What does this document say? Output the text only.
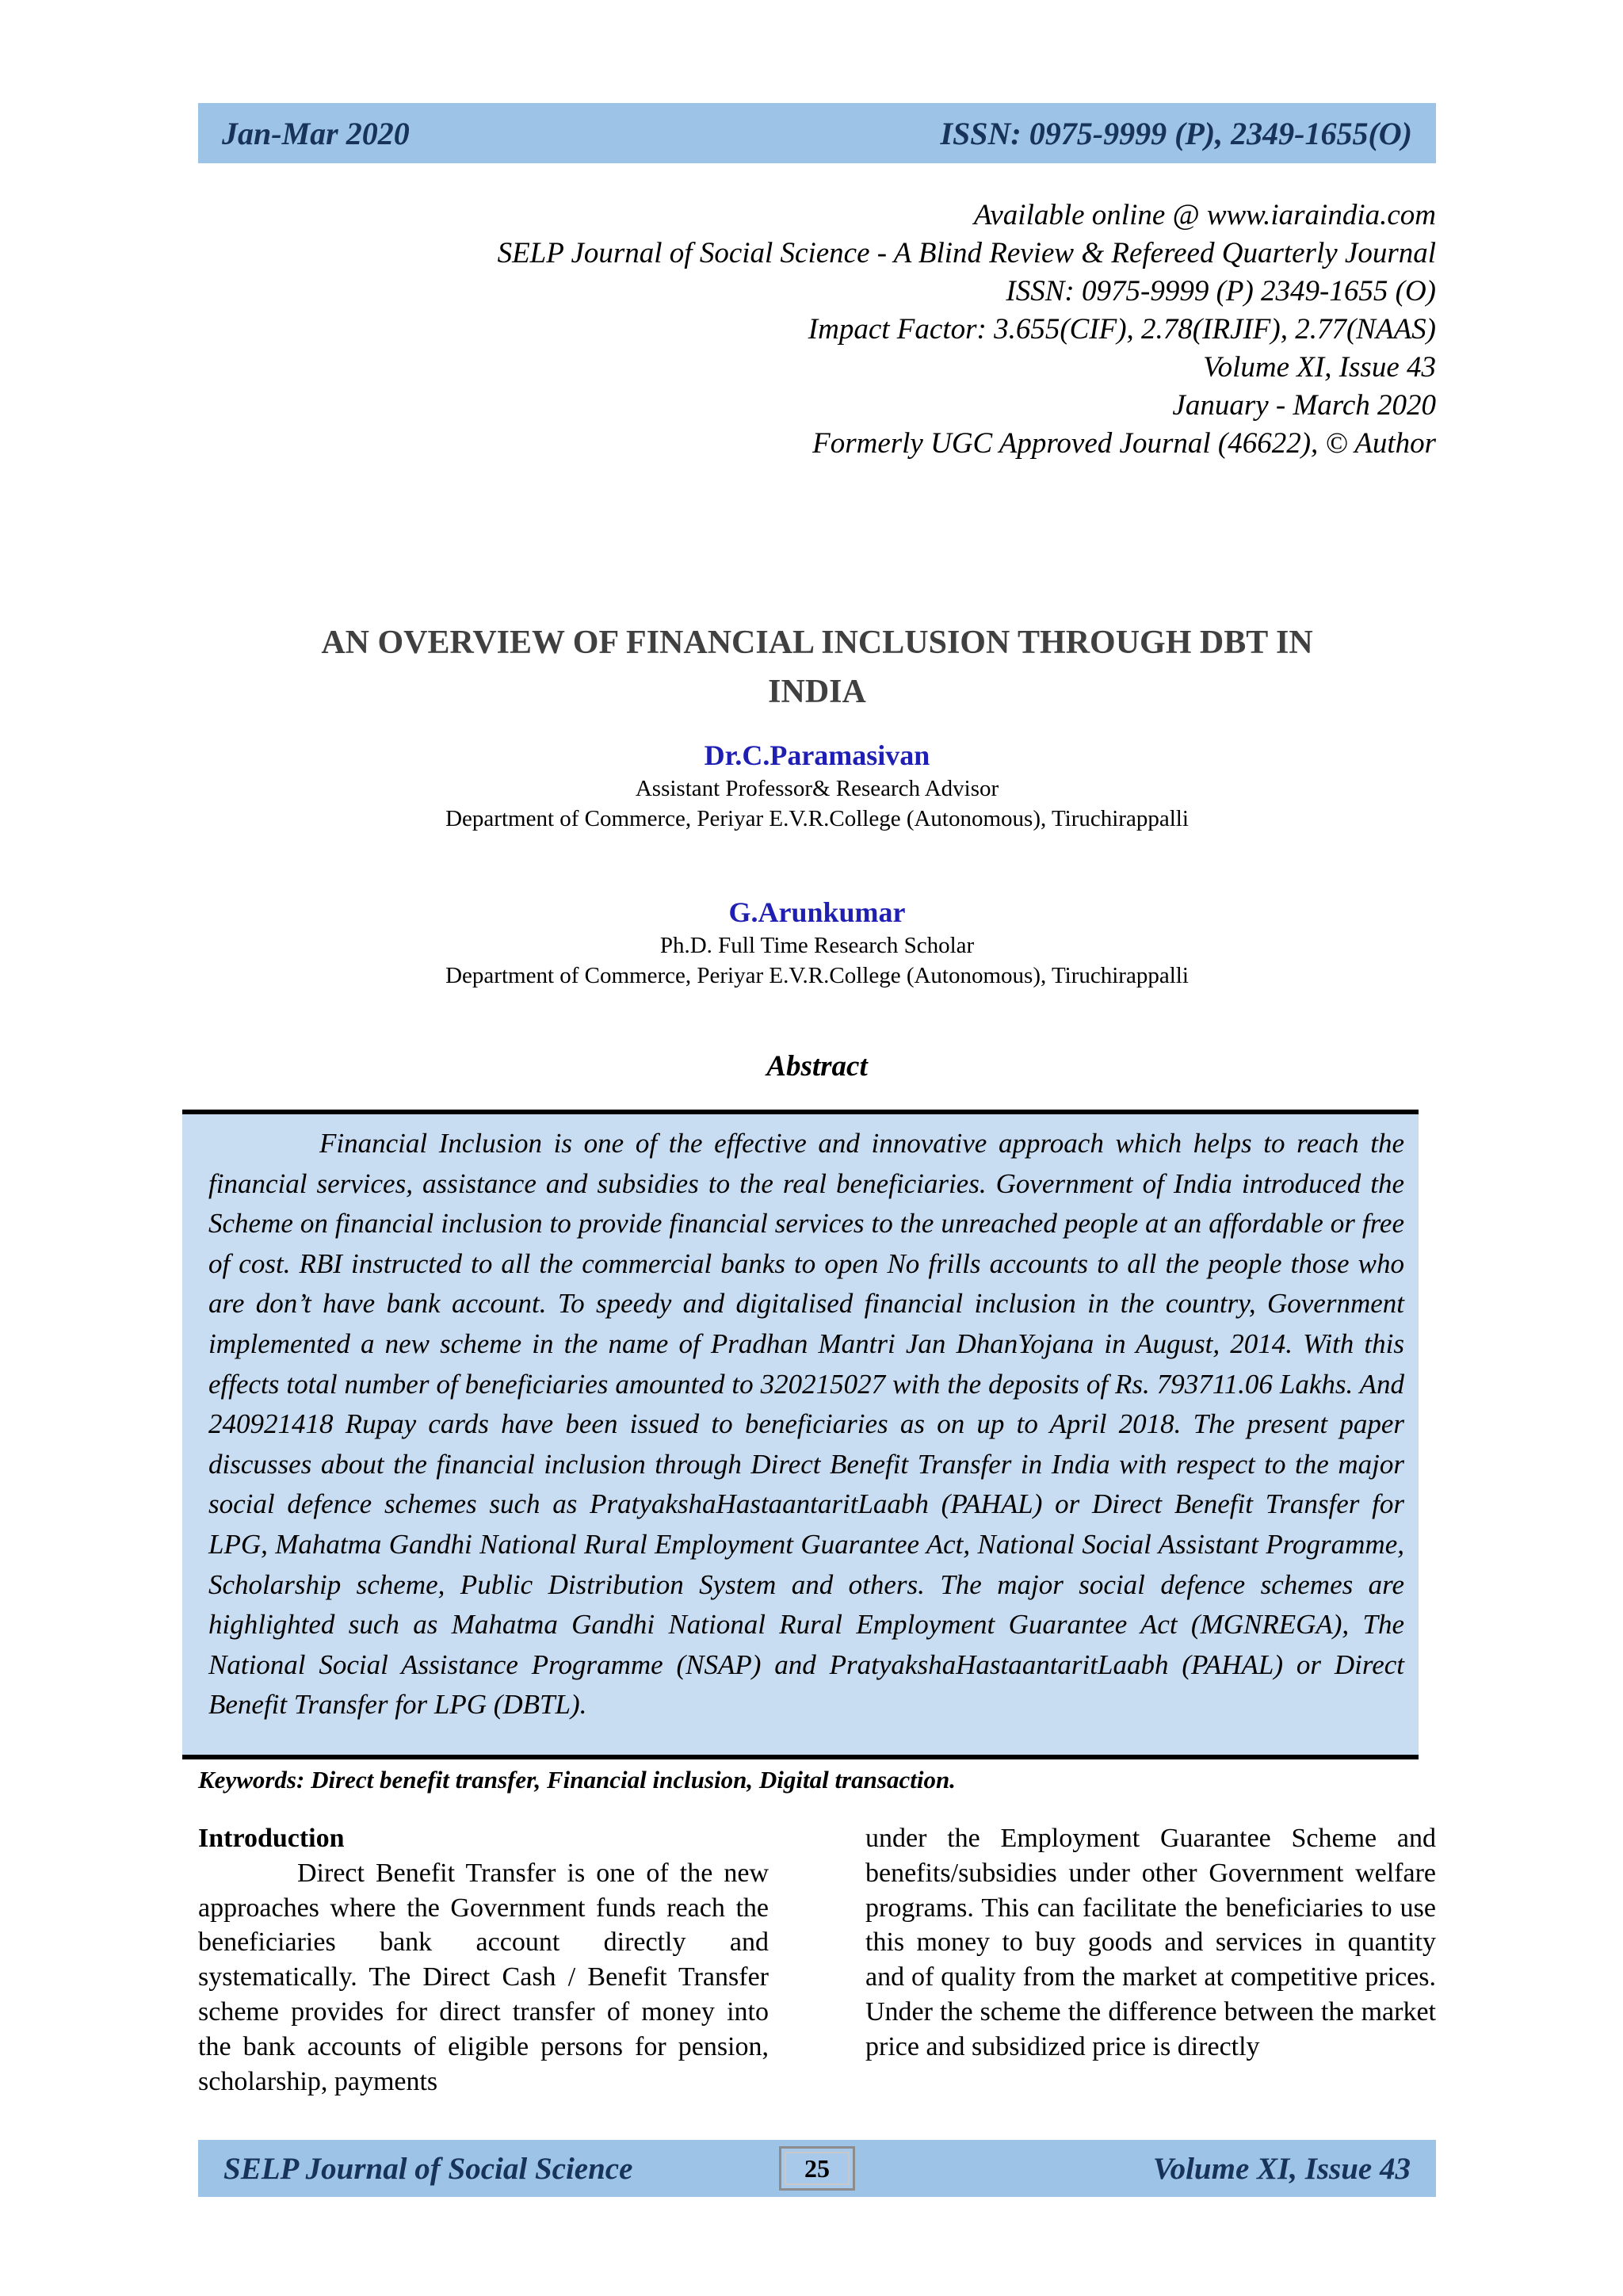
Jan-Mar 2020	ISSN: 0975-9999 (P), 2349-1655(O)
Available online @ www.iaraindia.com
SELP Journal of Social Science - A Blind Review & Refereed Quarterly Journal
ISSN: 0975-9999 (P) 2349-1655 (O)
Impact Factor: 3.655(CIF), 2.78(IRJIF), 2.77(NAAS)
Volume XI, Issue 43
January - March 2020
Formerly UGC Approved Journal (46622), © Author
AN OVERVIEW OF FINANCIAL INCLUSION THROUGH DBT IN
INDIA
Dr.C.Paramasivan
Assistant Professor& Research Advisor
Department of Commerce, Periyar E.V.R.College (Autonomous), Tiruchirappalli
G.Arunkumar
Ph.D. Full Time Research Scholar
Department of Commerce, Periyar E.V.R.College (Autonomous), Tiruchirappalli
Abstract

Financial Inclusion is one of the effective and innovative approach which helps to reach the financial services, assistance and subsidies to the real beneficiaries. Government of India introduced the Scheme on financial inclusion to provide financial services to the unreached people at an affordable or free of cost. RBI instructed to all the commercial banks to open No frills accounts to all the people those who are don’t have bank account. To speedy and digitalised financial inclusion in the country, Government implemented a new scheme in the name of Pradhan Mantri Jan DhanYojana in August, 2014. With this effects total number of beneficiaries amounted to 320215027 with the deposits of Rs. 793711.06 Lakhs. And 240921418 Rupay cards have been issued to beneficiaries as on up to April 2018. The present paper discusses about the financial inclusion through Direct Benefit Transfer in India with respect to the major social defence schemes such as PratyakshaHastaantaritLaabh (PAHAL) or Direct Benefit Transfer for LPG, Mahatma Gandhi National Rural Employment Guarantee Act, National Social Assistant Programme, Scholarship scheme, Public Distribution System and others. The major social defence schemes are highlighted such as Mahatma Gandhi National Rural Employment Guarantee Act (MGNREGA), The National Social Assistance Programme (NSAP) and PratyakshaHastaantaritLaabh (PAHAL) or Direct Benefit Transfer for LPG (DBTL).

Keywords: Direct benefit transfer, Financial inclusion, Digital transaction.
Introduction

Direct Benefit Transfer is one of the new approaches where the Government funds reach the beneficiaries bank account directly and systematically. The Direct Cash / Benefit Transfer scheme provides for direct transfer of money into the bank accounts of eligible persons for pension, scholarship, payments

under the Employment Guarantee Scheme and benefits/subsidies under other Government welfare programs. This can facilitate the beneficiaries to use this money to buy goods and services in quantity and of quality from the market at competitive prices. Under the scheme the difference between the market price and subsidized price is directly

SELP Journal of Social Science	25	Volume XI, Issue 43
